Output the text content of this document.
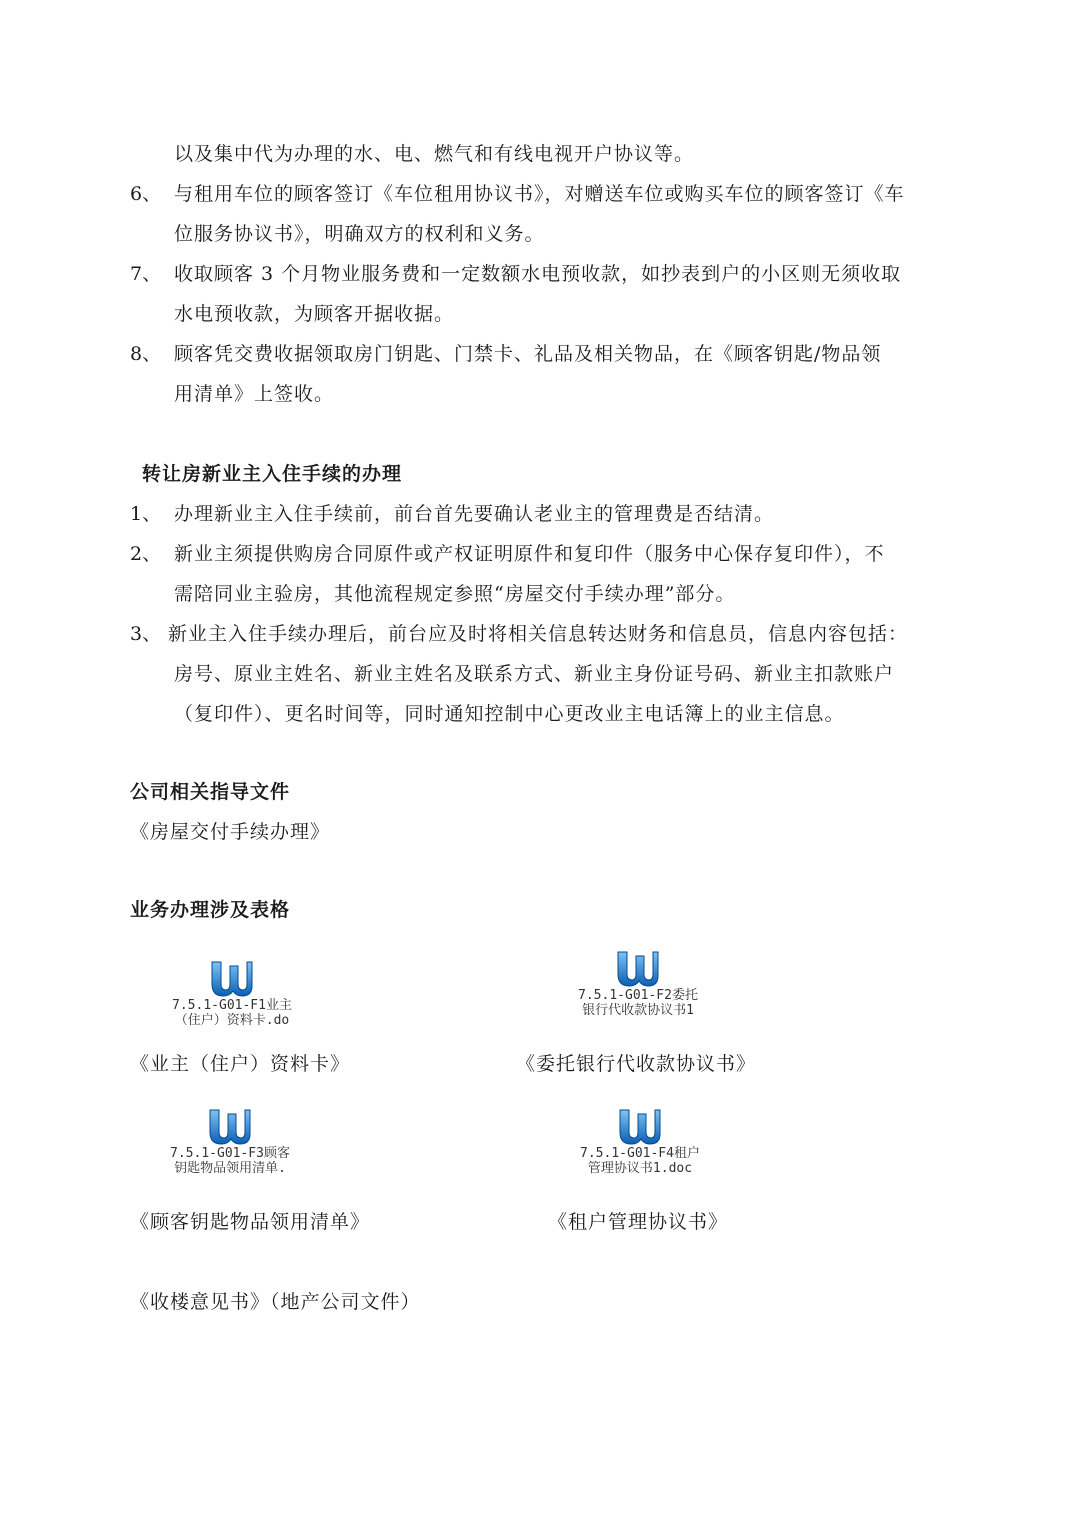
以及集中代为办理的水、电、燃气和有线电视开户协议等。
6、 与租用车位的顾客签订《车位租用协议书》，对赠送车位或购买车位的顾客签订《车
位服务协议书》，明确双方的权利和义务。
7、 收取顾客 3 个月物业服务费和一定数额水电预收款，如抄表到户的小区则无须收取
水电预收款，为顾客开据收据。
8、 顾客凭交费收据领取房门钥匙、门禁卡、礼品及相关物品，在《顾客钥匙/物品领
用清单》上签收。
转让房新业主入住手续的办理
1、 办理新业主入住手续前，前台首先要确认老业主的管理费是否结清。
2、 新业主须提供购房合同原件或产权证明原件和复印件（服务中心保存复印件），不
需陪同业主验房，其他流程规定参照“房屋交付手续办理”部分。
3、 新业主入住手续办理后，前台应及时将相关信息转达财务和信息员，信息内容包括：
房号、原业主姓名、新业主姓名及联系方式、新业主身份证号码、新业主扣款账户
（复印件）、更名时间等，同时通知控制中心更改业主电话簿上的业主信息。
公司相关指导文件
《房屋交付手续办理》
业务办理涉及表格
7.5.1-G01-F1业主
（住户）资料卡.do
《业主（住户）资料卡》
7.5.1-G01-F2委托
银行代收款协议书1
《委托银行代收款协议书》
7.5.1-G01-F3顾客
钥匙物品领用清单.
《顾客钥匙物品领用清单》
7.5.1-G01-F4租户
管理协议书1.doc
《租户管理协议书》
《收楼意见书》（地产公司文件）
